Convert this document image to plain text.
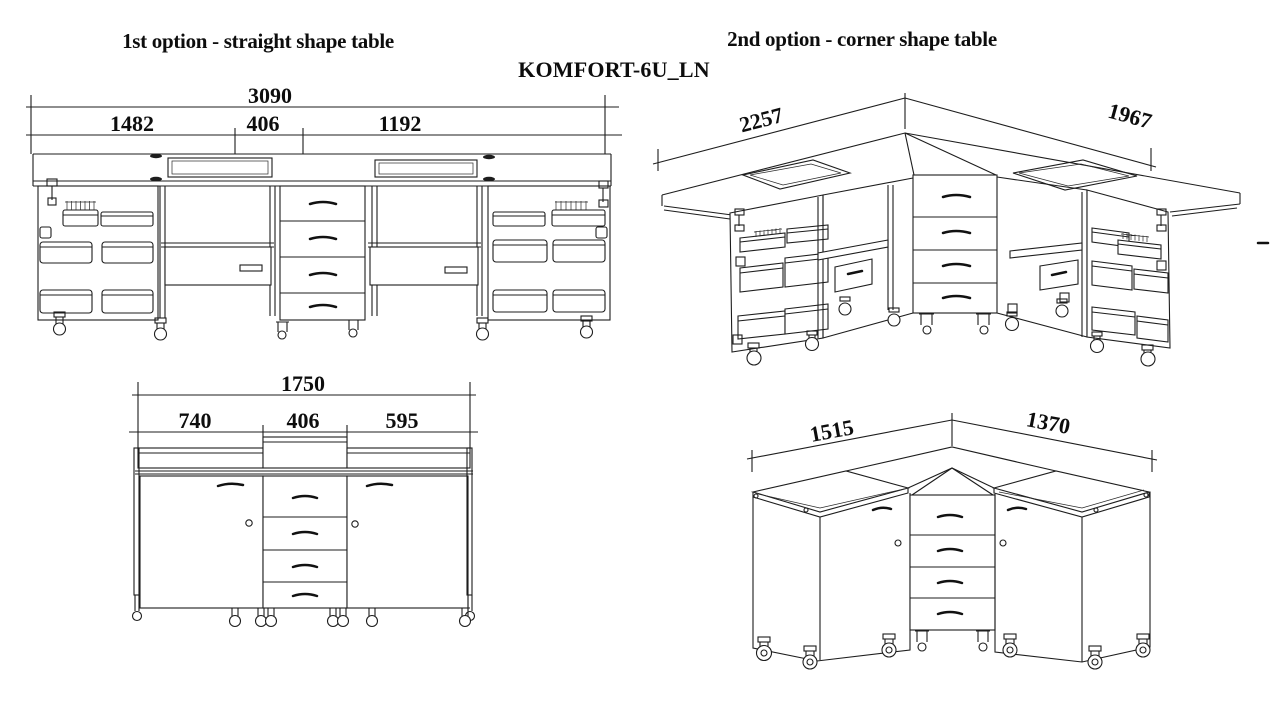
1st option - straight shape table	2nd option - corner shape table
KOMFORT-6U_LN
3090
1482	406	1192
1750
740	406	595
2257	1967
1515	1370
